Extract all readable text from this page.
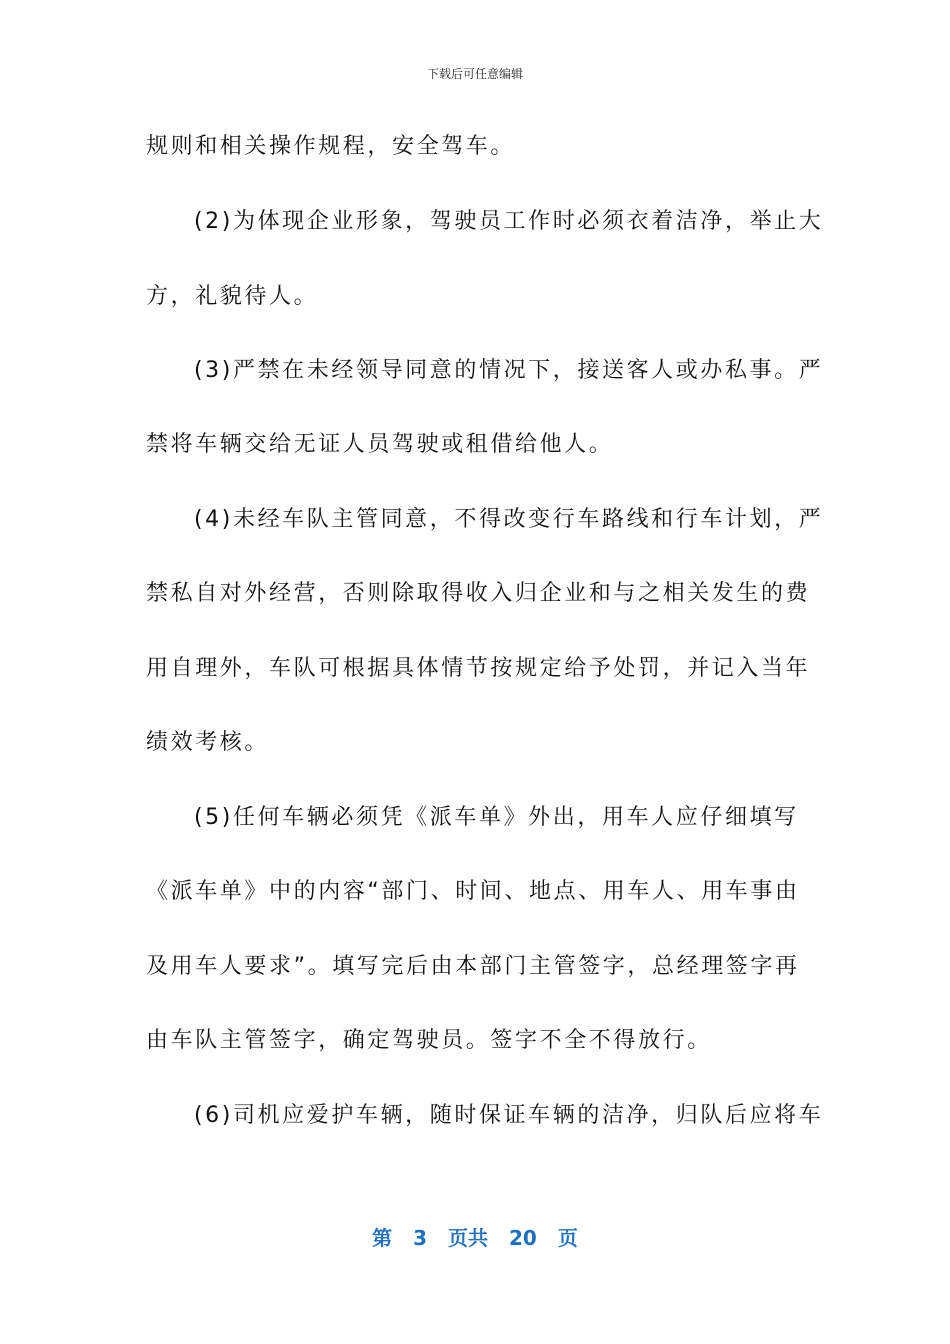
下载后可任意编辑
规则和相关操作规程，安全驾车。
(2)为体现企业形象，驾驶员工作时必须衣着洁净，举止大
方，礼貌待人。
(3)严禁在未经领导同意的情况下，接送客人或办私事。严
禁将车辆交给无证人员驾驶或租借给他人。
(4)未经车队主管同意，不得改变行车路线和行车计划，严
禁私自对外经营，否则除取得收入归企业和与之相关发生的费
用自理外，车队可根据具体情节按规定给予处罚，并记入当年
绩效考核。
(5)任何车辆必须凭《派车单》外出，用车人应仔细填写
《派车单》中的内容“部门、时间、地点、用车人、用车事由
及用车人要求”。填写完后由本部门主管签字，总经理签字再
由车队主管签字，确定驾驶员。签字不全不得放行。
(6)司机应爱护车辆，随时保证车辆的洁净，归队后应将车
第 3 页共 20 页
